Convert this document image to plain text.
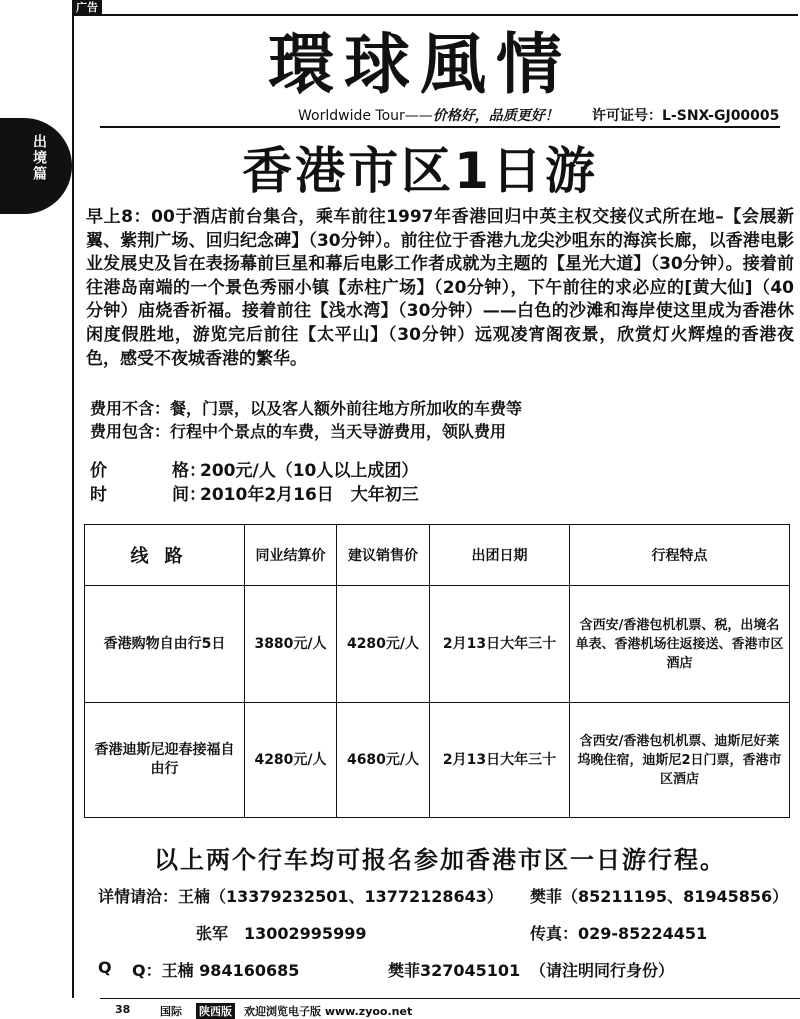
广告
出境篇
環球風情
Worldwide Tour——价格好，品质更好！ 许可证号：L-SNX-GJ00005
香港市区1日游
早上8：00于酒店前台集合，乘车前往1997年香港回归中英主权交接仪式所在地–【会展新翼、紫荆广场、回归纪念碑】（30分钟）。前往位于香港九龙尖沙咀东的海滨长廊，以香港电影业发展史及旨在表扬幕前巨星和幕后电影工作者成就为主题的【星光大道】（30分钟）。接着前往港岛南端的一个景色秀丽小镇【赤柱广场】（20分钟），下午前往的求必应的[黄大仙]（40分钟）庙烧香祈福。接着前往【浅水湾】（30分钟）——白色的沙滩和海岸使这里成为香港休闲度假胜地，游览完后前往【太平山】（30分钟）远观凌宵阁夜景，欣赏灯火辉煌的香港夜色，感受不夜城香港的繁华。
费用不含：餐，门票，以及客人额外前往地方所加收的车费等
费用包含：行程中个景点的车费，当天导游费用，领队费用
价	格：200元/人（10人以上成团）
时	间：2010年2月16日　大年初三
线路	同业结算价	建议销售价	出团日期	行程特点
香港购物自由行5日	3880元/人	4280元/人	2月13日大年三十	含西安/香港包机机票、税，出境名单表、香港机场往返接送、香港市区酒店
香港迪斯尼迎春接福自由行	4280元/人	4680元/人	2月13日大年三十	含西安/香港包机机票、迪斯尼好莱坞晚住宿，迪斯尼2日门票，香港市区酒店
以上两个行车均可报名参加香港市区一日游行程。
详情请洽：王楠（13379232501、13772128643） 樊菲（85211195、81945856）
张军　13002995999	传真：029-85224451
Q Q：王楠 984160685	樊菲327045101 （请注明同行身份）
38	国际 陕西版 欢迎浏览电子版 www.zyoo.net
